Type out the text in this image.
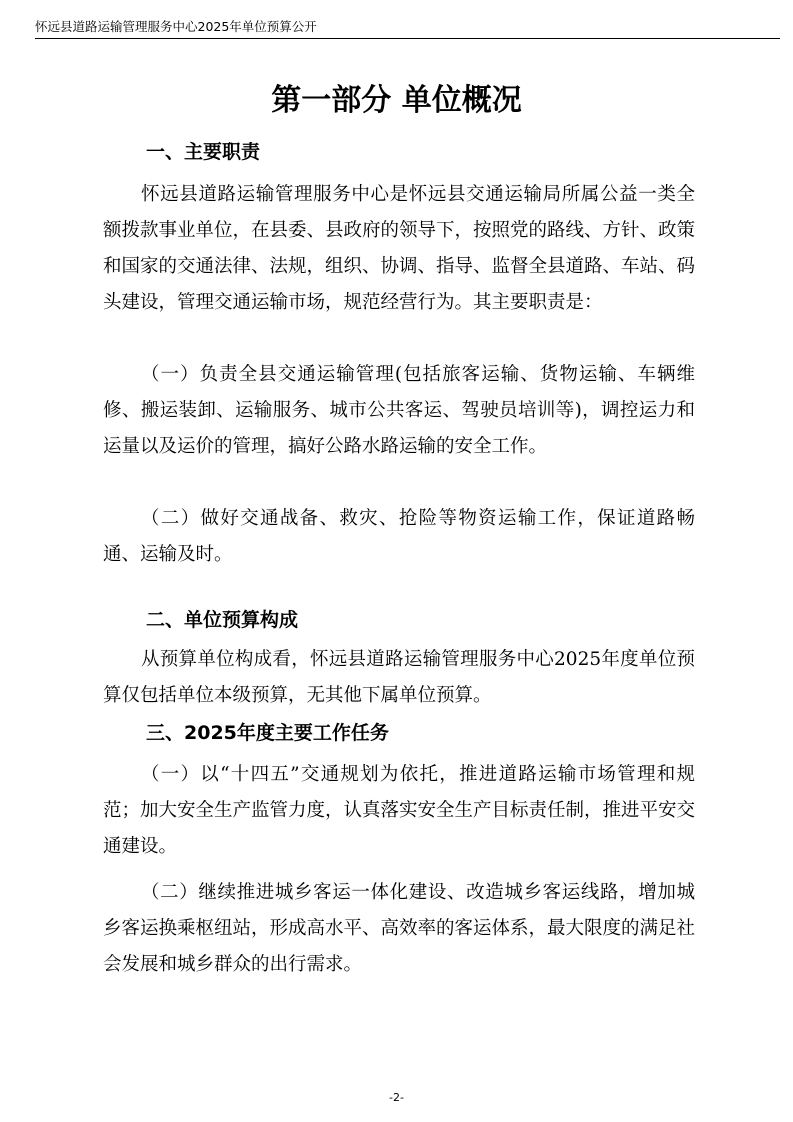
怀远县道路运输管理服务中心2025年单位预算公开
第一部分 单位概况
一、主要职责

怀远县道路运输管理服务中心是怀远县交通运输局所属公益一类全额拨款事业单位，在县委、县政府的领导下，按照党的路线、方针、政策和国家的交通法律、法规，组织、协调、指导、监督全县道路、车站、码头建设，管理交通运输市场，规范经营行为。其主要职责是：

（一）负责全县交通运输管理(包括旅客运输、货物运输、车辆维修、搬运装卸、运输服务、城市公共客运、驾驶员培训等)，调控运力和运量以及运价的管理，搞好公路水路运输的安全工作。

（二）做好交通战备、救灾、抢险等物资运输工作，保证道路畅通、运输及时。

二、单位预算构成

从预算单位构成看，怀远县道路运输管理服务中心2025年度单位预算仅包括单位本级预算，无其他下属单位预算。

三、2025年度主要工作任务

（一）以“十四五”交通规划为依托，推进道路运输市场管理和规范；加大安全生产监管力度，认真落实安全生产目标责任制，推进平安交通建设。

（二）继续推进城乡客运一体化建设、改造城乡客运线路，增加城乡客运换乘枢纽站，形成高水平、高效率的客运体系，最大限度的满足社会发展和城乡群众的出行需求。

-2-
